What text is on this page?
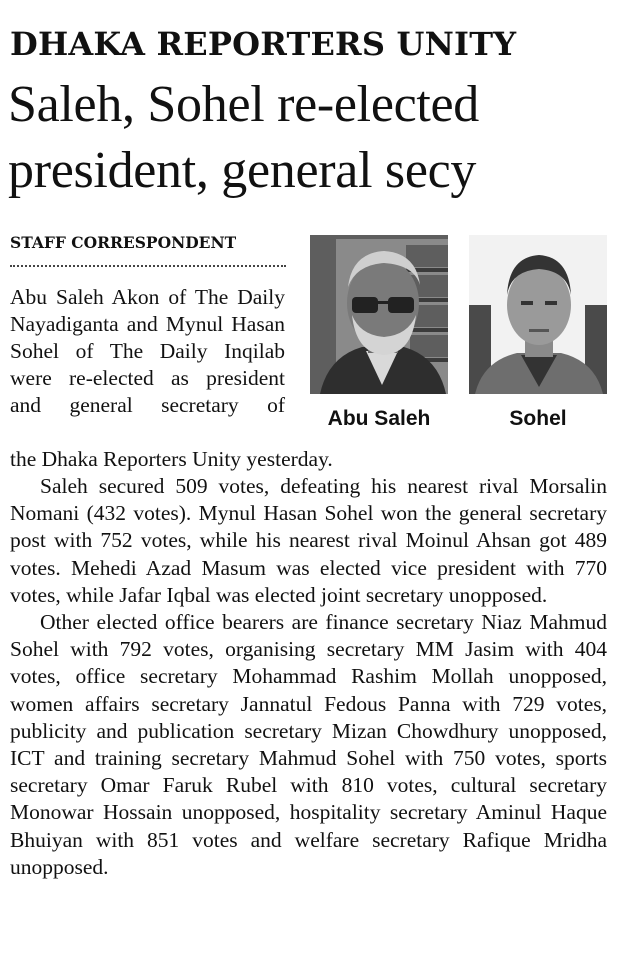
DHAKA REPORTERS UNITY
Saleh, Sohel re-elected
president, general secy
STAFF CORRESPONDENT
Abu Saleh Akon of The Daily Nayadiganta and Mynul Hasan Sohel of The Daily Inqilab were re-elected as president and general secretary of
the Dhaka Reporters Unity yesterday.

Saleh secured 509 votes, defeating his nearest rival Morsalin Nomani (432 votes). Mynul Hasan Sohel won the general secretary post with 752 votes, while his nearest rival Moinul Ahsan got 489 votes. Mehedi Azad Masum was elected vice president with 770 votes, while Jafar Iqbal was elected joint secretary unopposed.

Other elected office bearers are finance secretary Niaz Mahmud Sohel with 792 votes, organising secretary MM Jasim with 404 votes, office secretary Mohammad Rashim Mollah unopposed, women affairs secretary Jannatul Fedous Panna with 729 votes, publicity and publication secretary Mizan Chowdhury unopposed, ICT and training secretary Mahmud Sohel with 750 votes, sports secretary Omar Faruk Rubel with 810 votes, cultural secretary Monowar Hossain unopposed, hospitality secretary Aminul Haque Bhuiyan with 851 votes and welfare secretary Rafique Mridha unopposed.

Abu Saleh	Sohel
